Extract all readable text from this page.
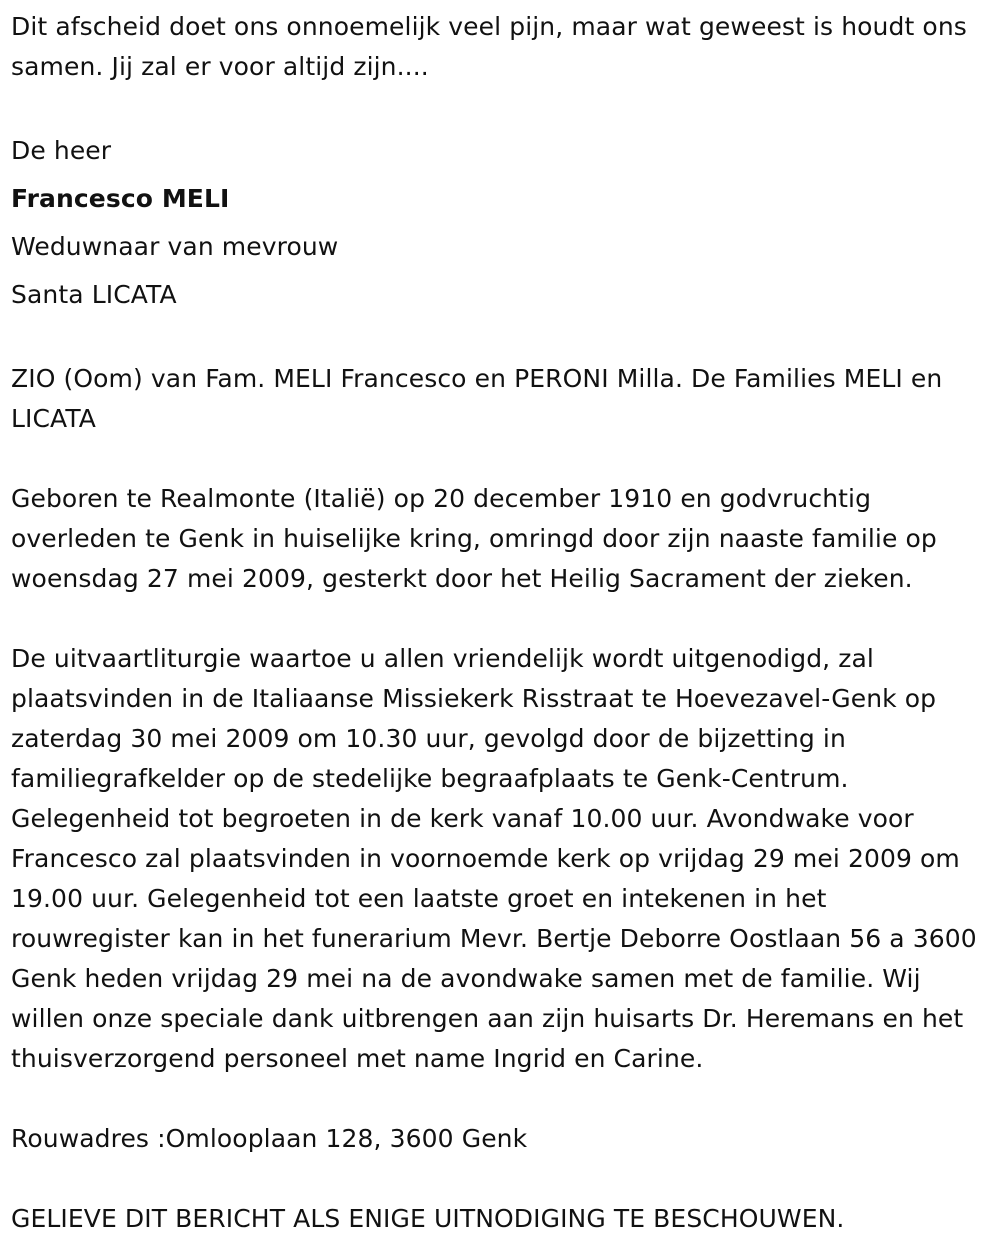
Dit afscheid doet ons onnoemelijk veel pijn, maar wat geweest is houdt ons samen. Jij zal er voor altijd zijn....

De heer

Francesco MELI

Weduwnaar van mevrouw

Santa LICATA

ZIO (Oom) van Fam. MELI Francesco en PERONI Milla. De Families MELI en LICATA

Geboren te Realmonte (Italië) op 20 december 1910 en godvruchtig overleden te Genk in huiselijke kring, omringd door zijn naaste familie op woensdag 27 mei 2009, gesterkt door het Heilig Sacrament der zieken.

De uitvaartliturgie waartoe u allen vriendelijk wordt uitgenodigd, zal plaatsvinden in de Italiaanse Missiekerk Risstraat te Hoevezavel-Genk op zaterdag 30 mei 2009 om 10.30 uur, gevolgd door de bijzetting in familiegrafkelder op de stedelijke begraafplaats te Genk-Centrum. Gelegenheid tot begroeten in de kerk vanaf 10.00 uur. Avondwake voor Francesco zal plaatsvinden in voornoemde kerk op vrijdag 29 mei 2009 om 19.00 uur. Gelegenheid tot een laatste groet en intekenen in het rouwregister kan in het funerarium Mevr. Bertje Deborre Oostlaan 56 a 3600 Genk heden vrijdag 29 mei na de avondwake samen met de familie. Wij willen onze speciale dank uitbrengen aan zijn huisarts Dr. Heremans en het thuisverzorgend personeel met name Ingrid en Carine.

Rouwadres :Omlooplaan 128, 3600 Genk

GELIEVE DIT BERICHT ALS ENIGE UITNODIGING TE BESCHOUWEN.
